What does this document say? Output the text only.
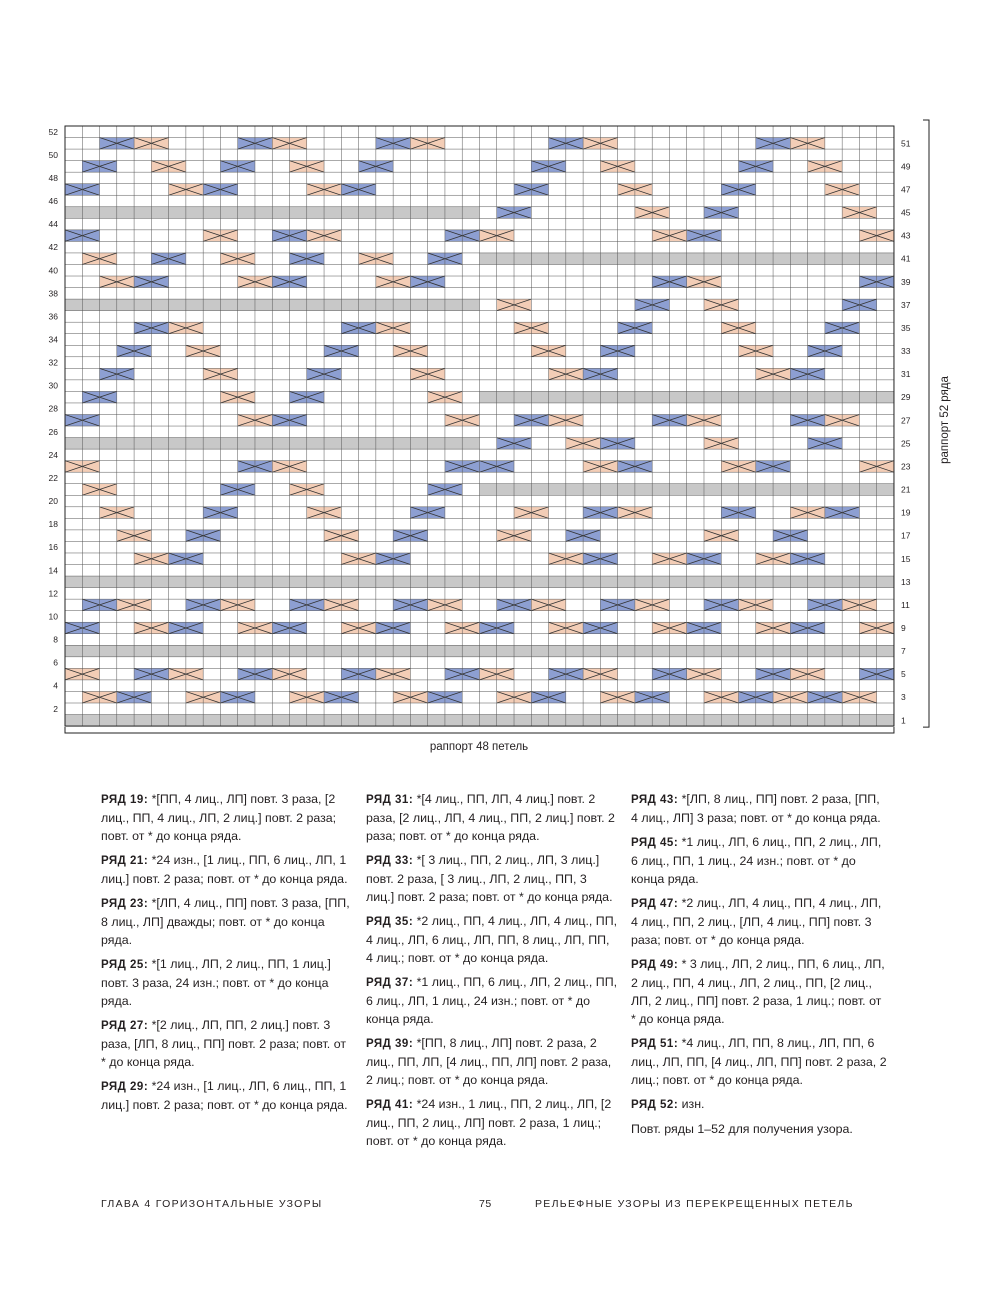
2
4
6
8
10
12
14
16
18
20
22
24
26
28
30
32
34
36
38
40
42
44
46
48
50
52
1
3
5
7
9
11
13
15
17
19
21
23
25
27
29
31
33
35
37
39
41
43
45
47
49
51
раппорт 52 ряда
раппорт 48 петель

РЯД 19: *[ПП, 4 лиц., ЛП] повт. 3 раза, [2 лиц., ПП, 4 лиц., ЛП, 2 лиц.] повт. 2 раза; повт. от * до конца ряда.

РЯД 21: *24 изн., [1 лиц., ПП, 6 лиц., ЛП, 1 лиц.] повт. 2 раза; повт. от * до конца ряда.

РЯД 23: *[ЛП, 4 лиц., ПП] повт. 3 раза, [ПП, 8 лиц., ЛП] дважды; повт. от * до конца ряда.

РЯД 25: *[1 лиц., ЛП, 2 лиц., ПП, 1 лиц.] повт. 3 раза, 24 изн.; повт. от * до конца ряда.

РЯД 27: *[2 лиц., ЛП, ПП, 2 лиц.] повт. 3 раза, [ЛП, 8 лиц., ПП] повт. 2 раза; повт. от * до конца ряда.

РЯД 29: *24 изн., [1 лиц., ЛП, 6 лиц., ПП, 1 лиц.] повт. 2 раза; повт. от * до конца ряда.

РЯД 31: *[4 лиц., ПП, ЛП, 4 лиц.] повт. 2 раза, [2 лиц., ЛП, 4 лиц., ПП, 2 лиц.] повт. 2 раза; повт. от * до конца ряда.

РЯД 33: *[ 3 лиц., ПП, 2 лиц., ЛП, 3 лиц.] повт. 2 раза, [ 3 лиц., ЛП, 2 лиц., ПП, 3 лиц.] повт. 2 раза; повт. от * до конца ряда.

РЯД 35: *2 лиц., ПП, 4 лиц., ЛП, 4 лиц., ПП, 4 лиц., ЛП, 6 лиц., ЛП, ПП, 8 лиц., ЛП, ПП, 4 лиц.; повт. от * до конца ряда.

РЯД 37: *1 лиц., ПП, 6 лиц., ЛП, 2 лиц., ПП, 6 лиц., ЛП, 1 лиц., 24 изн.; повт. от * до конца ряда.

РЯД 39: *[ПП, 8 лиц., ЛП] повт. 2 раза, 2 лиц., ПП, ЛП, [4 лиц., ПП, ЛП] повт. 2 раза, 2 лиц.; повт. от * до конца ряда.

РЯД 41: *24 изн., 1 лиц., ПП, 2 лиц., ЛП, [2 лиц., ПП, 2 лиц., ЛП] повт. 2 раза, 1 лиц.; повт. от * до конца ряда.

РЯД 43: *[ЛП, 8 лиц., ПП] повт. 2 раза, [ПП, 4 лиц., ЛП] 3 раза; повт. от * до конца ряда.

РЯД 45: *1 лиц., ЛП, 6 лиц., ПП, 2 лиц., ЛП, 6 лиц., ПП, 1 лиц., 24 изн.; повт. от * до конца ряда.

РЯД 47: *2 лиц., ЛП, 4 лиц., ПП, 4 лиц., ЛП, 4 лиц., ПП, 2 лиц., [ЛП, 4 лиц., ПП] повт. 3 раза; повт. от * до конца ряда.

РЯД 49: * 3 лиц., ЛП, 2 лиц., ПП, 6 лиц., ЛП, 2 лиц., ПП, 4 лиц., ЛП, 2 лиц., ПП, [2 лиц., ЛП, 2 лиц., ПП] повт. 2 раза, 1 лиц.; повт. от * до конца ряда.

РЯД 51: *4 лиц., ЛП, ПП, 8 лиц., ЛП, ПП, 6 лиц., ЛП, ПП, [4 лиц., ЛП, ПП] повт. 2 раза, 2 лиц.; повт. от * до конца ряда.

РЯД 52: изн.

Повт. ряды 1–52 для получения узора.

ГЛАВА 4 ГОРИЗОНТАЛЬНЫЕ УЗОРЫ	75	РЕЛЬЕФНЫЕ УЗОРЫ ИЗ ПЕРЕКРЕЩЕННЫХ ПЕТЕЛЬ
